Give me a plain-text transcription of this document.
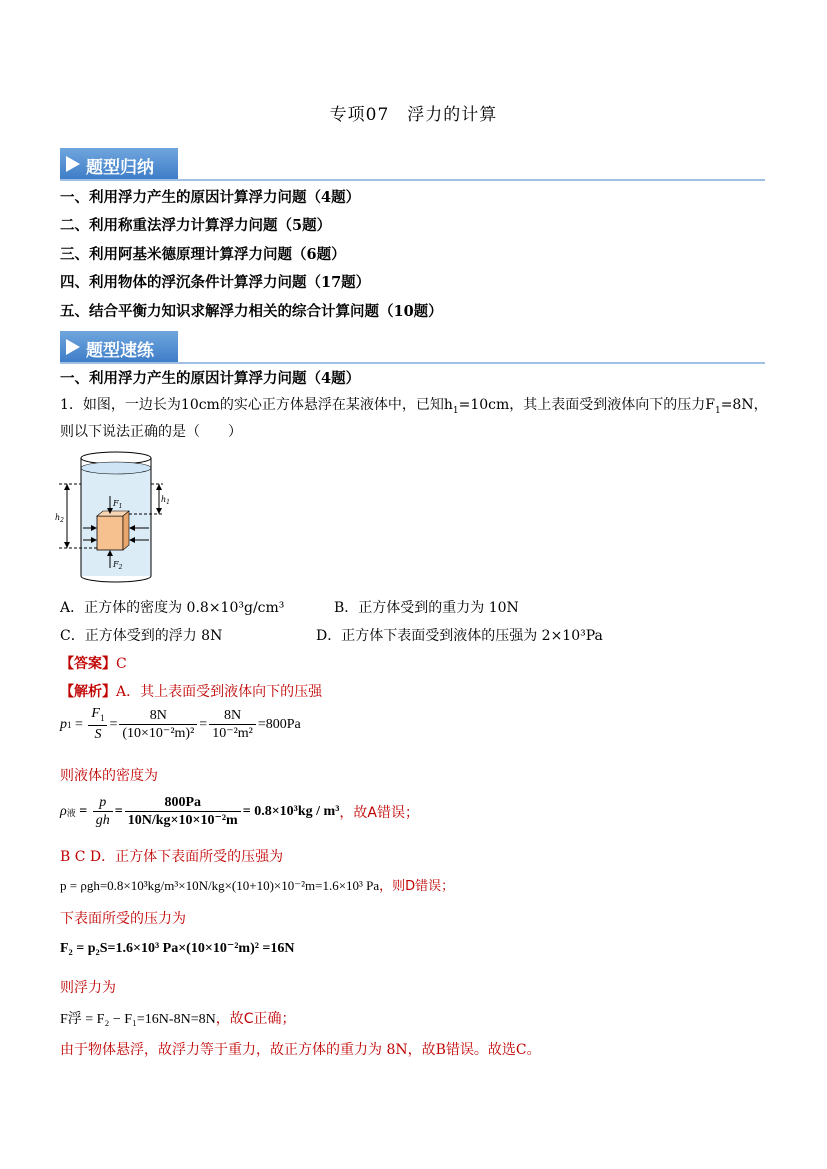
专项07　浮力的计算
题型归纳
一、利用浮力产生的原因计算浮力问题（4题）
二、利用称重法浮力计算浮力问题（5题）
三、利用阿基米德原理计算浮力问题（6题）
四、利用物体的浮沉条件计算浮力问题（17题）
五、结合平衡力知识求解浮力相关的综合计算问题（10题）
题型速练
一、利用浮力产生的原因计算浮力问题（4题）
1．如图，一边长为10cm的实心正方体悬浮在某液体中，已知$h_1=10cm$，其上表面受到液体向下的压力$F_1=8N$，
则以下说法正确的是（　　）
$F_1$
$F_2$
$h_2$
$h_1$
A．正方体的密度为 0.8×10³g/cm³	B．正方体受到的重力为 10N
C．正方体受到的浮力 8N	D．正方体下表面受到液体的压强为 2×10³Pa
【答案】C
【解析】A．其上表面受到液体向下的压强
p $1 = \frac{F_1}{S} = \frac{8N}{\text{(10×10⁻²m)²}} = \frac{8N}{\text{10⁻²m²}} =800Pa$
则液体的密度为
ρ 液 = $\frac{p}{gh} = \frac{800Pa}{\text{10N/kg×10×10⁻²m}} = 0.8\times 10^3kg / m^3$ ，故A错误；
B C D．正方体下表面所受的压强为
p = ρgh=0.8×10³kg/m³×10N/kg×(10+10)×10⁻²m=1.6×10³ Pa，则D错误；
下表面所受的压力为
F₂ = p₂S=1.6×10³ Pa×(10×10⁻²m)² =16N
则浮力为
F浮 = F₂ − F₁=16N-8N=8N，故C正确；
由于物体悬浮，故浮力等于重力，故正方体的重力为 8N，故B错误。故选C。
